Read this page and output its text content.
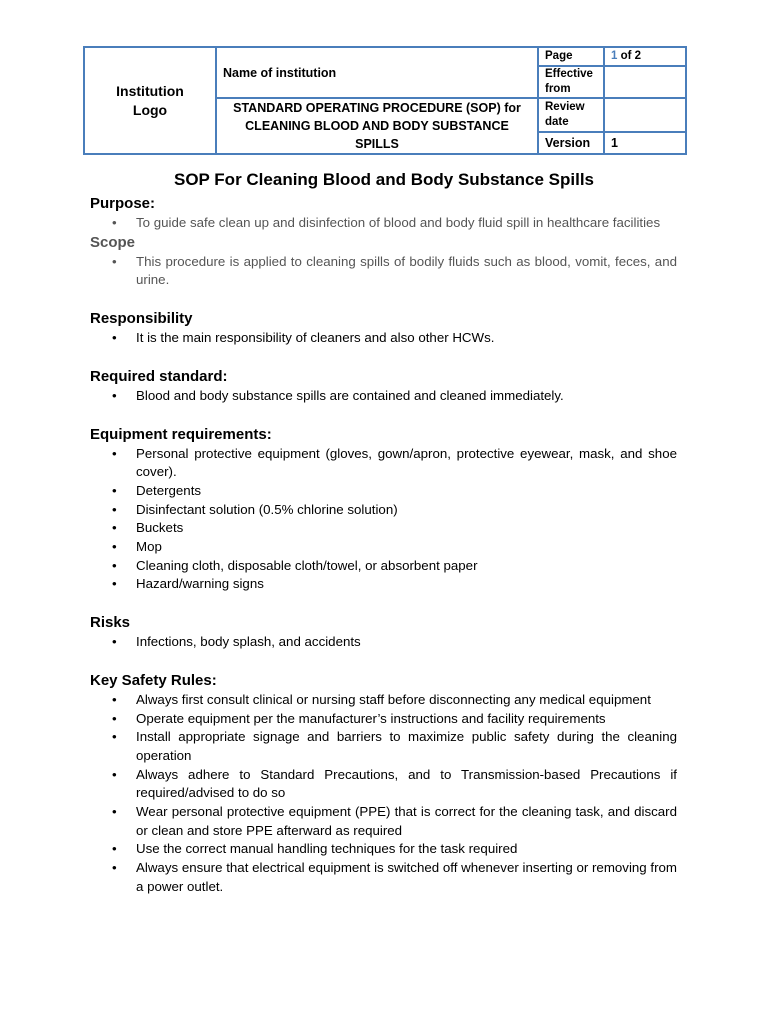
Institution
Logo	Name of institution	Page	1 of 2
		Effective from	
	STANDARD OPERATING PROCEDURE (SOP) for CLEANING BLOOD AND BODY SUBSTANCE SPILLS	Review date	
		Version	1
SOP For Cleaning Blood and Body Substance Spills
Purpose:
• To guide safe clean up and disinfection of blood and body fluid spill in healthcare facilities
Scope
• This procedure is applied to cleaning spills of bodily fluids such as blood, vomit, feces, and urine.
Responsibility
• It is the main responsibility of cleaners and also other HCWs.
Required standard:
• Blood and body substance spills are contained and cleaned immediately.
Equipment requirements:
• Personal protective equipment (gloves, gown/apron, protective eyewear, mask, and shoe cover).
• Detergents
• Disinfectant solution (0.5% chlorine solution)
• Buckets
• Mop
• Cleaning cloth, disposable cloth/towel, or absorbent paper
• Hazard/warning signs
Risks
• Infections, body splash, and accidents
Key Safety Rules:
• Always first consult clinical or nursing staff before disconnecting any medical equipment
• Operate equipment per the manufacturer’s instructions and facility requirements
• Install appropriate signage and barriers to maximize public safety during the cleaning operation
• Always adhere to Standard Precautions, and to Transmission-based Precautions if required/advised to do so
• Wear personal protective equipment (PPE) that is correct for the cleaning task, and discard or clean and store PPE afterward as required
• Use the correct manual handling techniques for the task required
• Always ensure that electrical equipment is switched off whenever inserting or removing from a power outlet.
